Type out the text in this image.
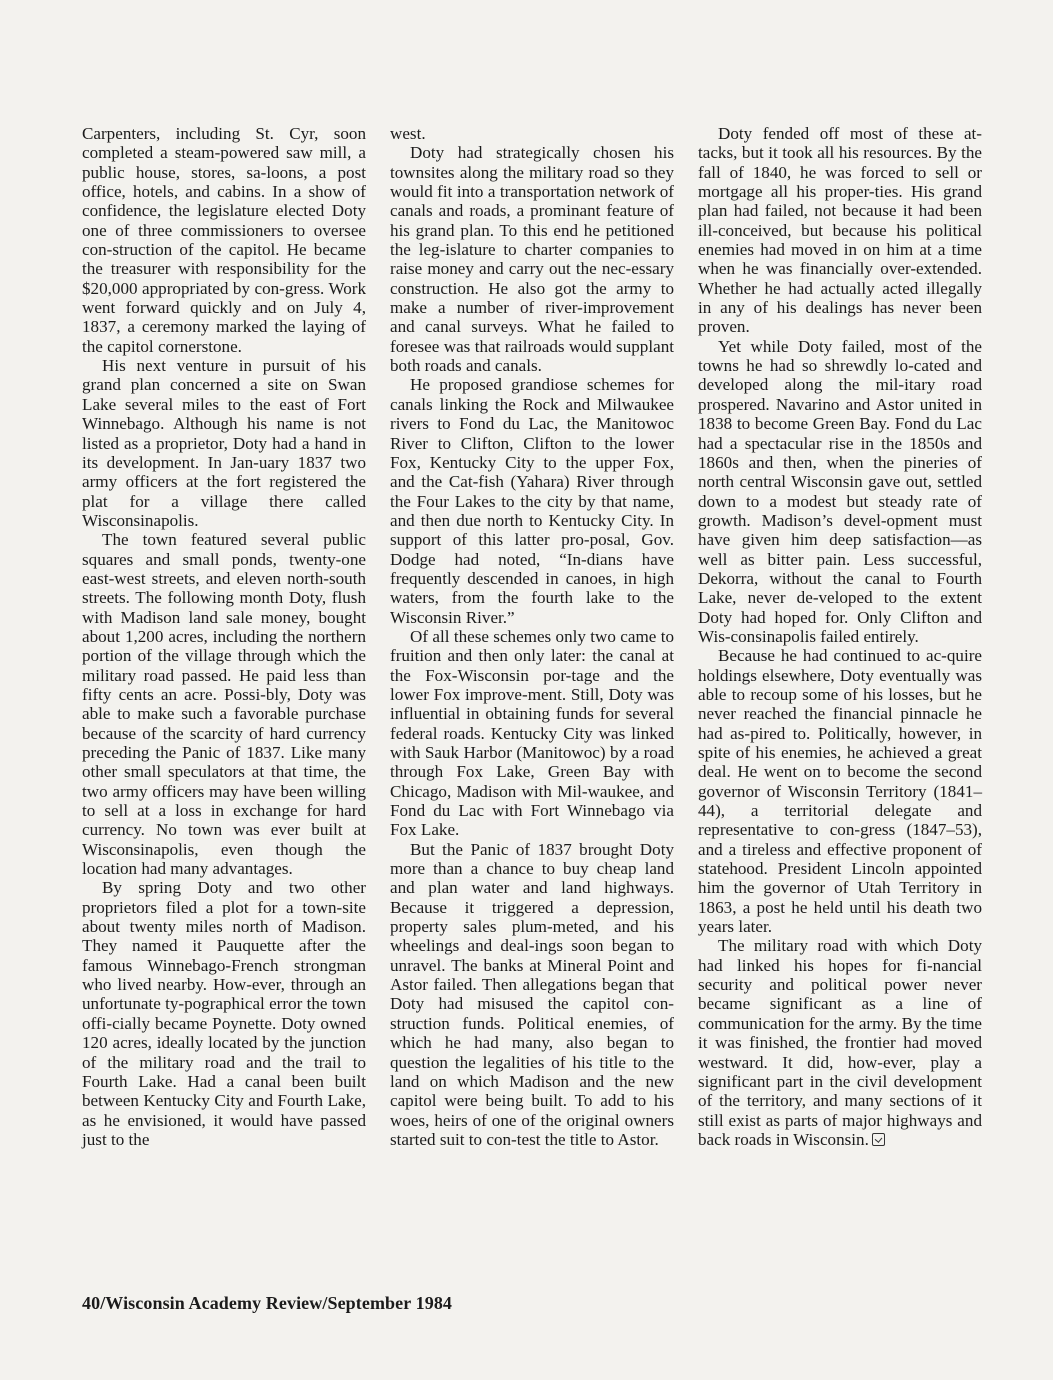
Carpenters, including St. Cyr, soon completed a steam-powered saw mill, a public house, stores, sa-loons, a post office, hotels, and cabins. In a show of confidence, the legislature elected Doty one of three commissioners to oversee con-struction of the capitol. He became the treasurer with responsibility for the $20,000 appropriated by con-gress. Work went forward quickly and on July 4, 1837, a ceremony marked the laying of the capitol cornerstone.

His next venture in pursuit of his grand plan concerned a site on Swan Lake several miles to the east of Fort Winnebago. Although his name is not listed as a proprietor, Doty had a hand in its development. In Jan-uary 1837 two army officers at the fort registered the plat for a village there called Wisconsinapolis.

The town featured several public squares and small ponds, twenty-one east-west streets, and eleven north-south streets. The following month Doty, flush with Madison land sale money, bought about 1,200 acres, including the northern portion of the village through which the military road passed. He paid less than fifty cents an acre. Possi-bly, Doty was able to make such a favorable purchase because of the scarcity of hard currency preceding the Panic of 1837. Like many other small speculators at that time, the two army officers may have been willing to sell at a loss in exchange for hard currency. No town was ever built at Wisconsinapolis, even though the location had many advantages.

By spring Doty and two other proprietors filed a plot for a town-site about twenty miles north of Madison. They named it Pauquette after the famous Winnebago-French strongman who lived nearby. How-ever, through an unfortunate ty-pographical error the town offi-cially became Poynette. Doty owned 120 acres, ideally located by the junction of the military road and the trail to Fourth Lake. Had a canal been built between Kentucky City and Fourth Lake, as he envisioned, it would have passed just to the

west.

Doty had strategically chosen his townsites along the military road so they would fit into a transportation network of canals and roads, a prominant feature of his grand plan. To this end he petitioned the leg-islature to charter companies to raise money and carry out the nec-essary construction. He also got the army to make a number of river-improvement and canal surveys. What he failed to foresee was that railroads would supplant both roads and canals.

He proposed grandiose schemes for canals linking the Rock and Milwaukee rivers to Fond du Lac, the Manitowoc River to Clifton, Clifton to the lower Fox, Kentucky City to the upper Fox, and the Cat-fish (Yahara) River through the Four Lakes to the city by that name, and then due north to Kentucky City. In support of this latter pro-posal, Gov. Dodge had noted, “In-dians have frequently descended in canoes, in high waters, from the fourth lake to the Wisconsin River.”

Of all these schemes only two came to fruition and then only later: the canal at the Fox-Wisconsin por-tage and the lower Fox improve-ment. Still, Doty was influential in obtaining funds for several federal roads. Kentucky City was linked with Sauk Harbor (Manitowoc) by a road through Fox Lake, Green Bay with Chicago, Madison with Mil-waukee, and Fond du Lac with Fort Winnebago via Fox Lake.

But the Panic of 1837 brought Doty more than a chance to buy cheap land and plan water and land highways. Because it triggered a depression, property sales plum-meted, and his wheelings and deal-ings soon began to unravel. The banks at Mineral Point and Astor failed. Then allegations began that Doty had misused the capitol con-struction funds. Political enemies, of which he had many, also began to question the legalities of his title to the land on which Madison and the new capitol were being built. To add to his woes, heirs of one of the original owners started suit to con-test the title to Astor.

Doty fended off most of these at-tacks, but it took all his resources. By the fall of 1840, he was forced to sell or mortgage all his proper-ties. His grand plan had failed, not because it had been ill-conceived, but because his political enemies had moved in on him at a time when he was financially over-extended. Whether he had actually acted illegally in any of his dealings has never been proven.

Yet while Doty failed, most of the towns he had so shrewdly lo-cated and developed along the mil-itary road prospered. Navarino and Astor united in 1838 to become Green Bay. Fond du Lac had a spectacular rise in the 1850s and 1860s and then, when the pineries of north central Wisconsin gave out, settled down to a modest but steady rate of growth. Madison’s devel-opment must have given him deep satisfaction—as well as bitter pain. Less successful, Dekorra, without the canal to Fourth Lake, never de-veloped to the extent Doty had hoped for. Only Clifton and Wis-consinapolis failed entirely.

Because he had continued to ac-quire holdings elsewhere, Doty eventually was able to recoup some of his losses, but he never reached the financial pinnacle he had as-pired to. Politically, however, in spite of his enemies, he achieved a great deal. He went on to become the second governor of Wisconsin Territory (1841–44), a territorial delegate and representative to con-gress (1847–53), and a tireless and effective proponent of statehood. President Lincoln appointed him the governor of Utah Territory in 1863, a post he held until his death two years later.

The military road with which Doty had linked his hopes for fi-nancial security and political power never became significant as a line of communication for the army. By the time it was finished, the frontier had moved westward. It did, how-ever, play a significant part in the civil development of the territory, and many sections of it still exist as parts of major highways and back roads in Wisconsin.

40/Wisconsin Academy Review/September 1984
